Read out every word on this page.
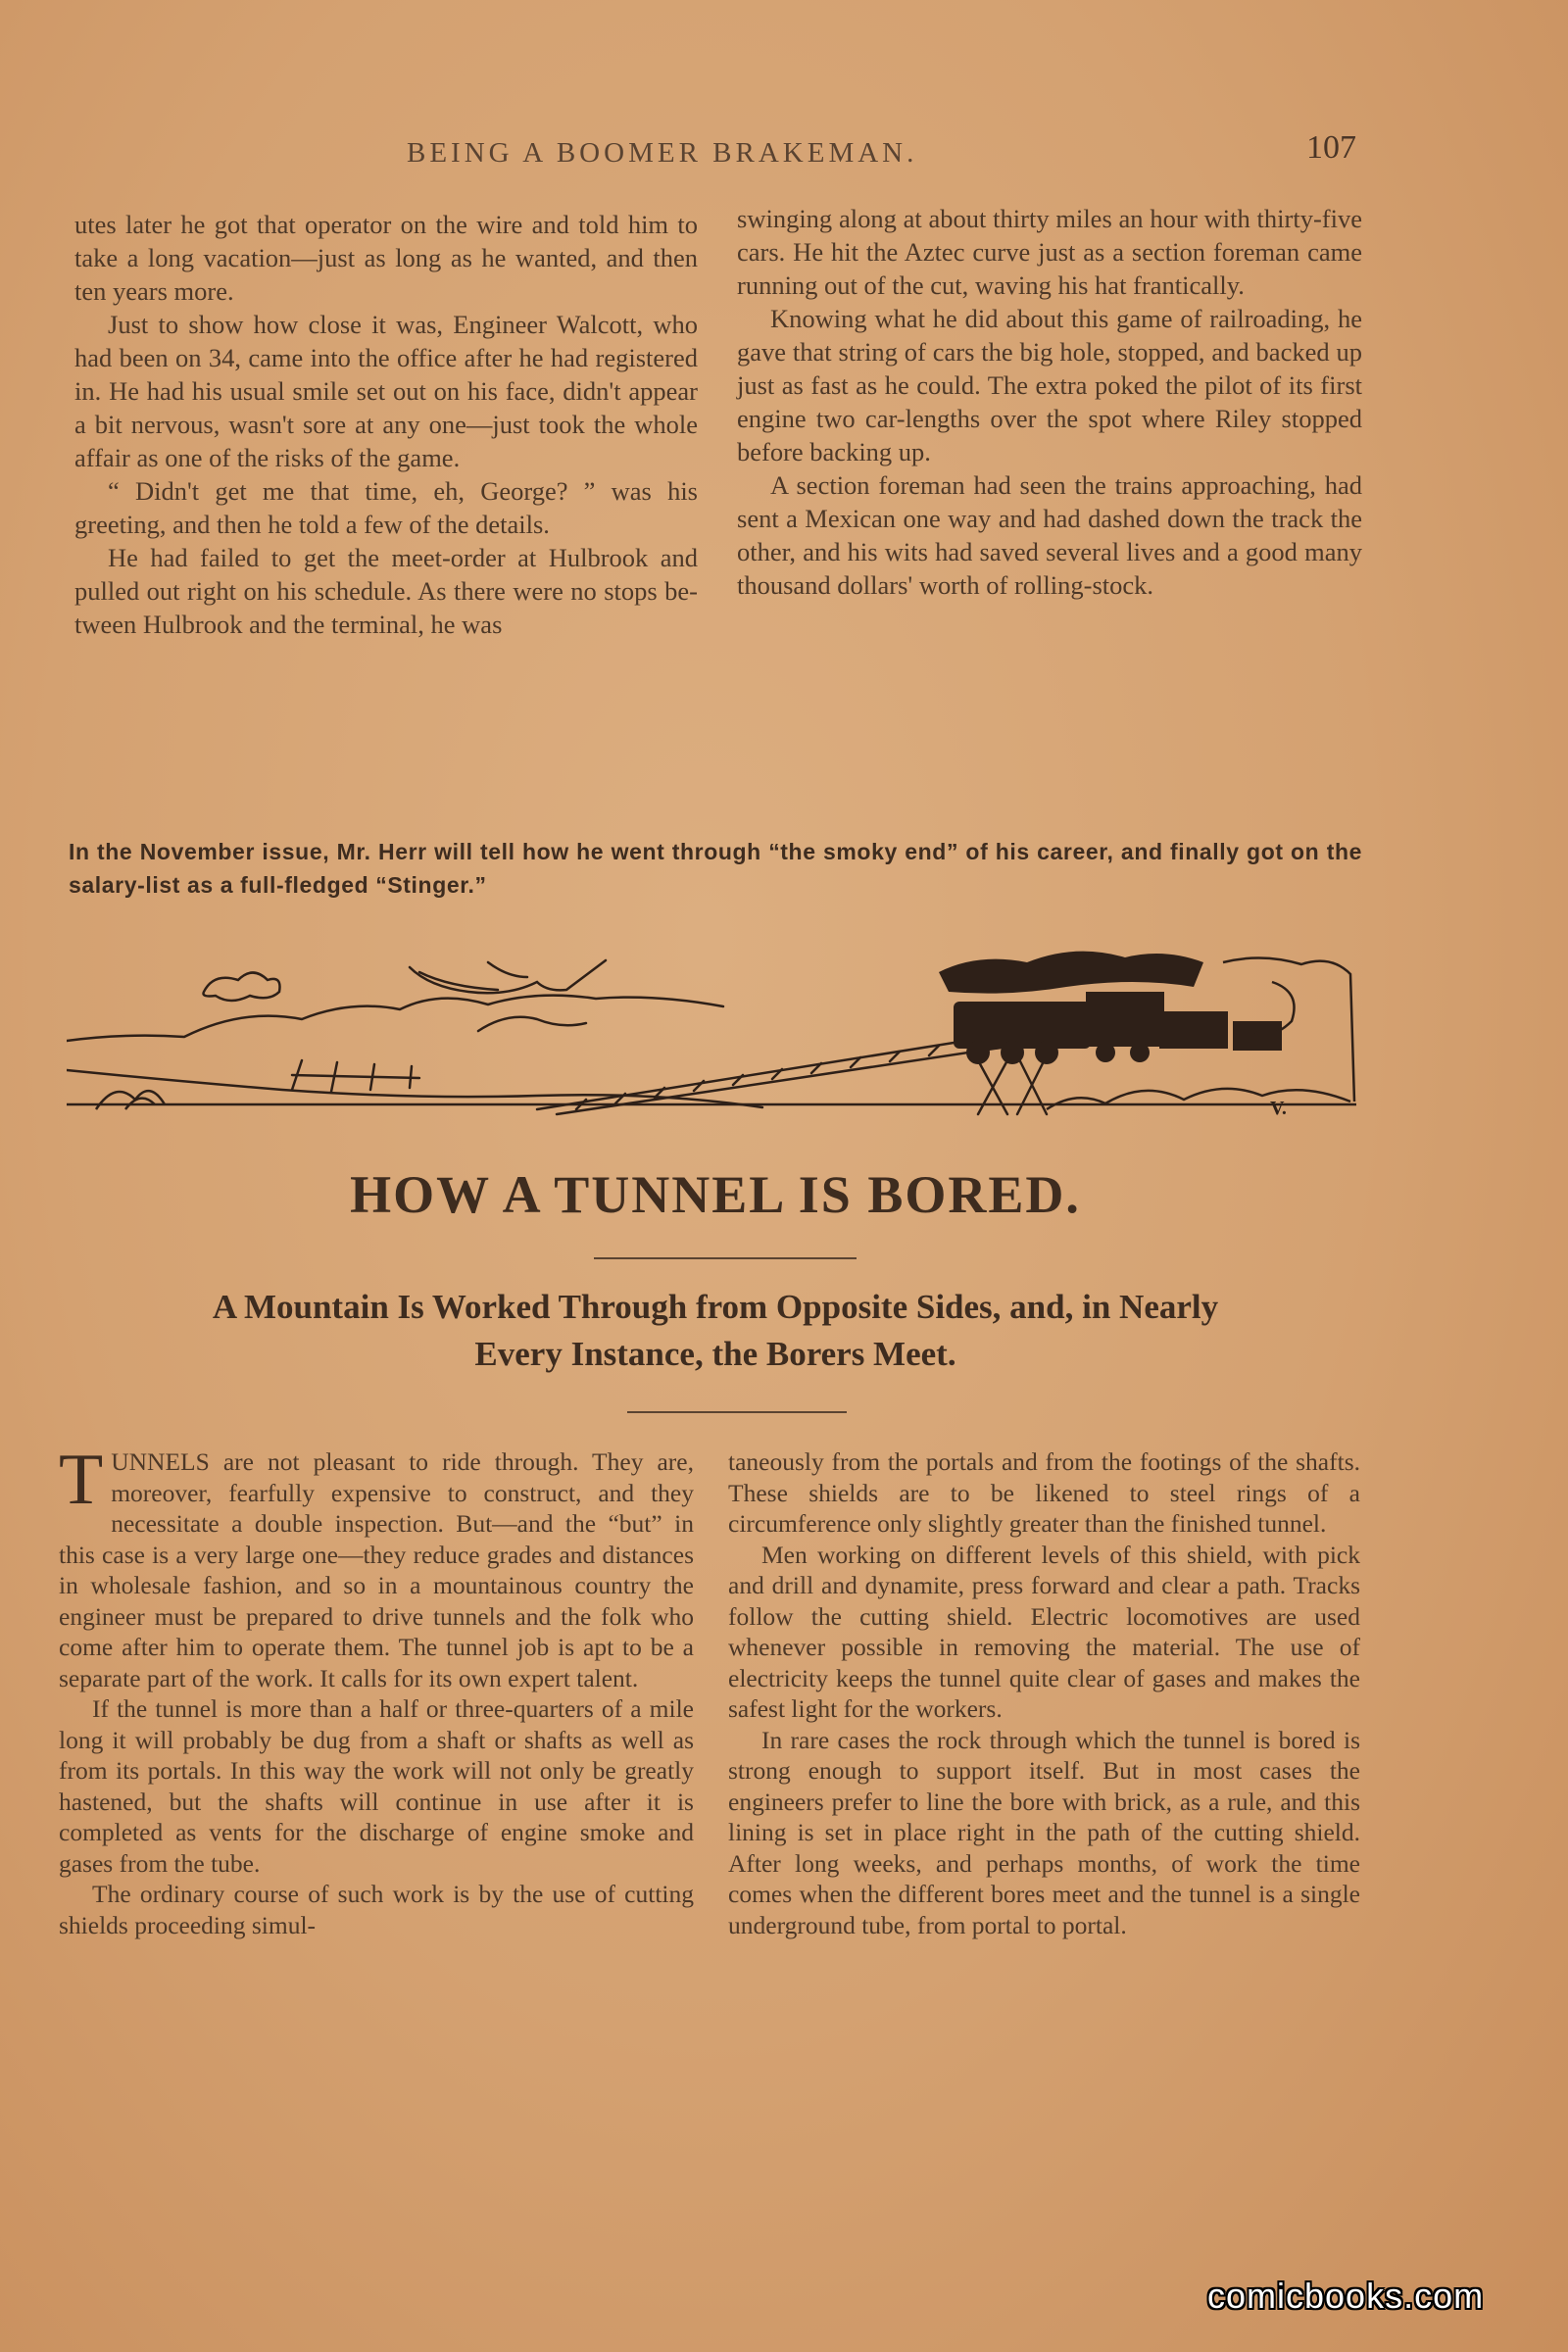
BEING A BOOMER BRAKEMAN.	107

utes later he got that operator on the wire and told him to take a long vacation—just as long as he wanted, and then ten years more.

Just to show how close it was, Engineer Walcott, who had been on 34, came into the office after he had registered in. He had his usual smile set out on his face, didn't appear a bit nervous, wasn't sore at any one—just took the whole affair as one of the risks of the game.

“ Didn't get me that time, eh, George? ” was his greeting, and then he told a few of the details.

He had failed to get the meet-order at Hulbrook and pulled out right on his schedule. As there were no stops between Hulbrook and the terminal, he was

swinging along at about thirty miles an hour with thirty-five cars. He hit the Aztec curve just as a section foreman came running out of the cut, waving his hat frantically.

Knowing what he did about this game of railroading, he gave that string of cars the big hole, stopped, and backed up just as fast as he could. The extra poked the pilot of its first engine two car-lengths over the spot where Riley stopped before backing up.

A section foreman had seen the trains approaching, had sent a Mexican one way and had dashed down the track the other, and his wits had saved several lives and a good many thousand dollars' worth of rolling-stock.

In the November issue, Mr. Herr will tell how he went through “the smoky end” of his career, and finally got on the salary-list as a full-fledged “Stinger.”
V.
HOW A TUNNEL IS BORED.
A Mountain Is Worked Through from Opposite Sides, and, in Nearly
Every Instance, the Borers Meet.

TUNNELS are not pleasant to ride through. They are, moreover, fearfully expensive to construct, and they necessitate a double inspection. But—and the “but” in this case is a very large one—they reduce grades and distances in wholesale fashion, and so in a mountainous country the engineer must be prepared to drive tunnels and the folk who come after him to operate them. The tunnel job is apt to be a separate part of the work. It calls for its own expert talent.

If the tunnel is more than a half or three-quarters of a mile long it will probably be dug from a shaft or shafts as well as from its portals. In this way the work will not only be greatly hastened, but the shafts will continue in use after it is completed as vents for the discharge of engine smoke and gases from the tube.

The ordinary course of such work is by the use of cutting shields proceeding simul-

taneously from the portals and from the footings of the shafts. These shields are to be likened to steel rings of a circumference only slightly greater than the finished tunnel.

Men working on different levels of this shield, with pick and drill and dynamite, press forward and clear a path. Tracks follow the cutting shield. Electric locomotives are used whenever possible in removing the material. The use of electricity keeps the tunnel quite clear of gases and makes the safest light for the workers.

In rare cases the rock through which the tunnel is bored is strong enough to support itself. But in most cases the engineers prefer to line the bore with brick, as a rule, and this lining is set in place right in the path of the cutting shield. After long weeks, and perhaps months, of work the time comes when the different bores meet and the tunnel is a single underground tube, from portal to portal.

comicbooks.com
